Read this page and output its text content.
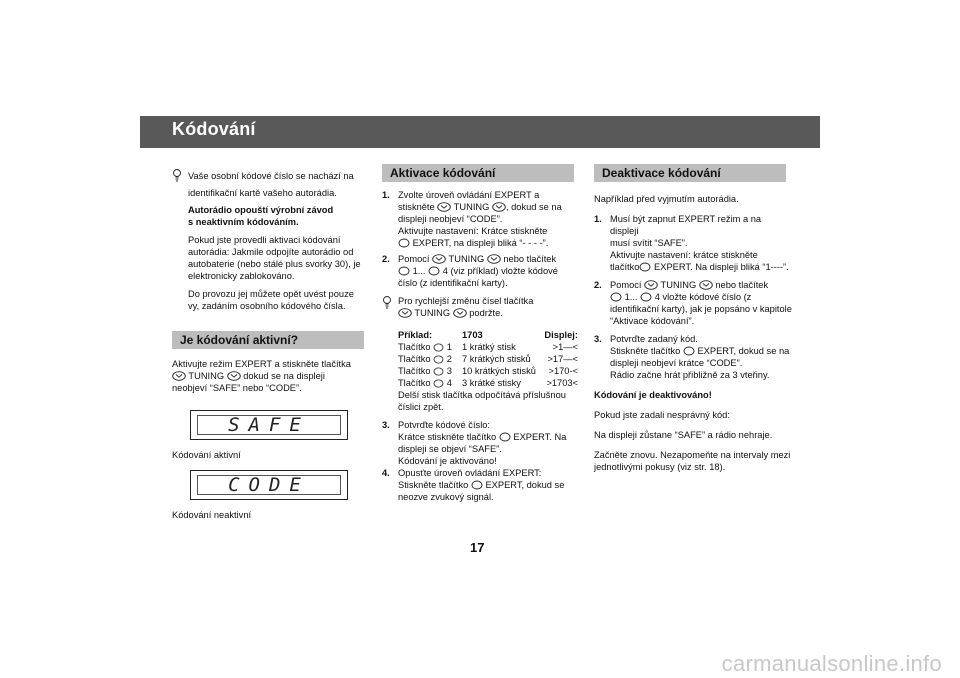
Kódování

Vaše osobní kódové číslo se nachází na identifikační kartě vašeho autorádia.

Autorádio opouští výrobní závod
s neaktivním kódováním.

Pokud jste provedli aktivaci kódování autorádia: Jakmile odpojíte autorádio od autobaterie (nebo stálé plus svorky 30), je elektronicky zablokováno.

Do provozu jej můžete opět uvést pouze vy, zadáním osobního kódového čísla.

Je kódování aktivní?

Aktivujte režim EXPERT a stiskněte tlačítka

TUNING dokud se na displeji

neobjeví “SAFE” nebo “CODE”.

SAFE

Kódování aktivní

CODE

Kódování neaktivní

Aktivace kódování
1. Zvolte úroveň ovládání EXPERT a

stiskněte TUNING , dokud se na

displeji neobjeví “CODE”.

Aktivujte nastavení: Krátce stiskněte

EXPERT, na displeji bliká “- - - -”.

2. Pomocí TUNING nebo tlačítek

1... 4 (viz příklad) vložte kódové

číslo (z identifikační karty).

Pro rychlejší změnu čísel tlačítka

TUNING podržte.

Příklad:	1703	Displej:
Tlačítko 1	1 krátký stisk	>1—<
Tlačítko 2	7 krátkých stisků	>17—<
Tlačítko 3	10 krátkých stisků	>170-<
Tlačítko 4	3 krátké stisky	>1703<

Delší stisk tlačítka odpočítává příslušnou

číslici zpět.

3. Potvrďte kódové číslo:

Krátce stiskněte tlačítko EXPERT. Na

displeji se objeví “SAFE”.

Kódování je aktivováno!

4. Opusťte úroveň ovládání EXPERT:

Stiskněte tlačítko EXPERT, dokud se

neozve zvukový signál.

Deaktivace kódování

Například před vyjmutím autorádia.

1. Musí být zapnut EXPERT režim a na displeji

musí svítit “SAFE”.

Aktivujte nastavení: krátce stiskněte

tlačítko EXPERT. Na displeji bliká “1----”.

2. Pomocí TUNING nebo tlačítek

1... 4 vložte kódové číslo (z

identifikační karty), jak je popsáno v kapitole

“Aktivace kódování”.

3. Potvrďte zadaný kód.

Stiskněte tlačítko EXPERT, dokud se na

displeji neobjeví krátce “CODE”.

Rádio začne hrát přibližně za 3 vteřiny.

Kódování je deaktivováno!

Pokud jste zadali nesprávný kód:

Na displeji zůstane “SAFE” a rádio nehraje.

Začněte znovu. Nezapomeňte na intervaly mezi jednotlivými pokusy (viz str. 18).

17
carmanualsonline.info
